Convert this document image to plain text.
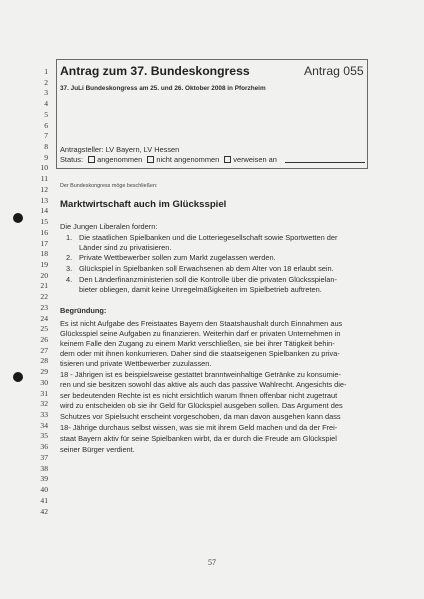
1
2
3
4
5
6
7
8
9
10
11
12
13
14
15
16
17
18
19
20
21
22
23
24
25
26
27
28
29
30
31
32
33
34
35
36
37
38
39
40
41
42
Antrag zum 37. Bundeskongress	Antrag 055
37. JuLi Bundeskongress am 25. und 26. Oktober 2008 in Pforzheim
Antragsteller: LV Bayern, LV Hessen
Status: angenommen nicht angenommen verweisen an
Der Bundeskongress möge beschließen:
Marktwirtschaft auch im Glücksspiel
Die Jungen Liberalen fordern:
1. Die staatlichen Spielbanken und die Lotteriegesellschaft sowie Sportwetten der
Länder sind zu privatisieren.
2. Private Wettbewerber sollen zum Markt zugelassen werden.
3. Glückspiel in Spielbanken soll Erwachsenen ab dem Alter von 18 erlaubt sein.
4. Den Länderfinanzministerien soll die Kontrolle über die privaten Glücksspielan-
bieter obliegen, damit keine Unregelmäßigkeiten im Spielbetrieb auftreten.
Begründung:
Es ist nicht Aufgabe des Freistaates Bayern den Staatshaushalt durch Einnahmen aus
Glücksspiel seine Aufgaben zu finanzieren. Weiterhin darf er privaten Unternehmen in
keinem Falle den Zugang zu einem Markt verschließen, sie bei ihrer Tätigkeit behin-
dern oder mit ihnen konkurrieren. Daher sind die staatseigenen Spielbanken zu priva-
tisieren und private Wettbewerber zuzulassen.
18 - Jährigen ist es beispielsweise gestattet branntweinhaltige Getränke zu konsumie-
ren und sie besitzen sowohl das aktive als auch das passive Wahlrecht. Angesichts die-
ser bedeutenden Rechte ist es nicht ersichtlich warum Ihnen offenbar nicht zugetraut
wird zu entscheiden ob sie ihr Geld für Glückspiel ausgeben sollen. Das Argument des
Schutzes vor Spielsucht erscheint vorgeschoben, da man davon ausgehen kann dass
18- Jährige durchaus selbst wissen, was sie mit ihrem Geld machen und da der Frei-
staat Bayern aktiv für seine Spielbanken wirbt, da er durch die Freude am Glückspiel
seiner Bürger verdient.
57
